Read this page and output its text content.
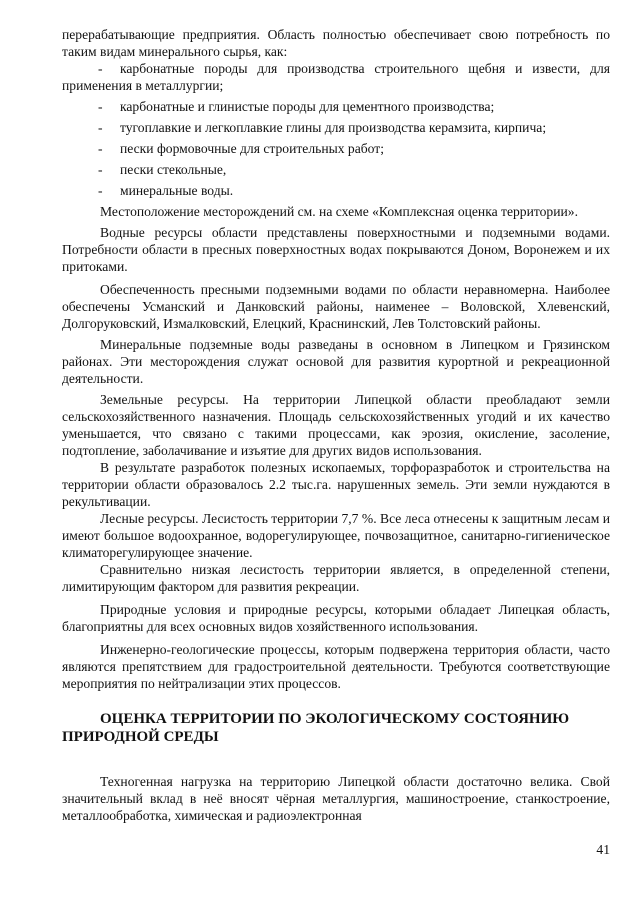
перерабатывающие предприятия. Область полностью обеспечивает свою потребность по таким видам минерального сырья, как:

- карбонатные породы для производства строительного щебня и извести, для применения в металлургии;
- карбонатные и глинистые породы для цементного производства;
- тугоплавкие и легкоплавкие глины для производства керамзита, кирпича;
- пески формовочные для строительных работ;
- пески стекольные,
- минеральные воды.

Местоположение месторождений см. на схеме «Комплексная оценка территории».

Водные ресурсы области представлены поверхностными и подземными водами. Потребности области в пресных поверхностных водах покрываются Доном, Воронежем и их притоками.

Обеспеченность пресными подземными водами по области неравномерна. Наиболее обеспечены Усманский и Данковский районы, наименее – Воловской, Хлевенский, Долгоруковский, Измалковский, Елецкий, Краснинский, Лев Толстовский районы.

Минеральные подземные воды разведаны в основном в Липецком и Грязинском районах. Эти месторождения служат основой для развития курортной и рекреационной деятельности.

Земельные ресурсы. На территории Липецкой области преобладают земли сельскохозяйственного назначения. Площадь сельскохозяйственных угодий и их качество уменьшается, что связано с такими процессами, как эрозия, окисление, засоление, подтопление, заболачивание и изъятие для других видов использования.

В результате разработок полезных ископаемых, торфоразработок и строительства на территории области образовалось 2.2 тыс.га. нарушенных земель. Эти земли нуждаются в рекультивации.

Лесные ресурсы. Лесистость территории 7,7 %. Все леса отнесены к защитным лесам и имеют большое водоохранное, водорегулирующее, почвозащитное, санитарно-гигиеническое климаторегулирующее значение.

Сравнительно низкая лесистость территории является, в определенной степени, лимитирующим фактором для развития рекреации.

Природные условия и природные ресурсы, которыми обладает Липецкая область, благоприятны для всех основных видов хозяйственного использования.

Инженерно-геологические процессы, которым подвержена территория области, часто являются препятствием для градостроительной деятельности. Требуются соответствующие мероприятия по нейтрализации этих процессов.

ОЦЕНКА ТЕРРИТОРИИ ПО ЭКОЛОГИЧЕСКОМУ СОСТОЯНИЮ ПРИРОДНОЙ СРЕДЫ

Техногенная нагрузка на территорию Липецкой области достаточно велика. Свой значительный вклад в неё вносят чёрная металлургия, машиностроение, станкостроение, металлообработка, химическая и радиоэлектронная

41
